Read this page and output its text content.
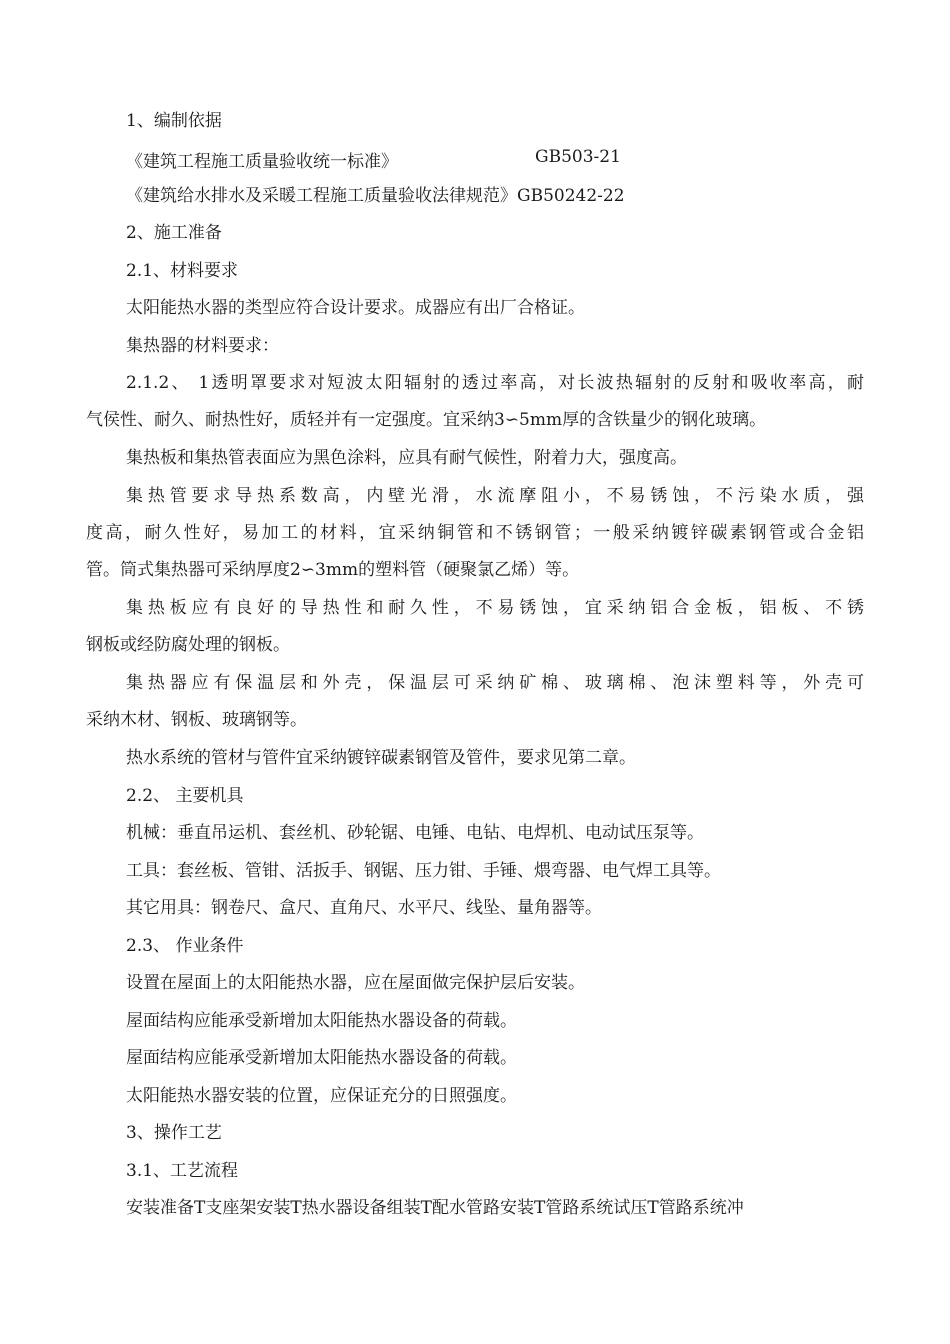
1、编制依据
《建筑工程施工质量验收统一标准》	GB503-21
《建筑给水排水及采暖工程施工质量验收法律规范》GB50242-22
2、施工准备
2.1、材料要求
太阳能热水器的类型应符合设计要求。成器应有出厂合格证。
集热器的材料要求：
2.1.2、 1透明罩要求对短波太阳辐射的透过率高，对长波热辐射的反射和吸收率高，耐
气侯性、耐久、耐热性好，质轻并有一定强度。宜采纳3∽5mm厚的含铁量少的钢化玻璃。
集热板和集热管表面应为黑色涂料，应具有耐气候性，附着力大，强度高。
集热管要求导热系数高，内壁光滑，水流摩阻小，不易锈蚀，不污染水质，强
度高，耐久性好，易加工的材料，宜采纳铜管和不锈钢管；一般采纳镀锌碳素钢管或合金铝
管。筒式集热器可采纳厚度2∽3mm的塑料管（硬聚氯乙烯）等。
集热板应有良好的导热性和耐久性，不易锈蚀，宜采纳铝合金板，铝板、不锈
钢板或经防腐处理的钢板。
集热器应有保温层和外壳，保温层可采纳矿棉、玻璃棉、泡沫塑料等，外壳可
采纳木材、钢板、玻璃钢等。
热水系统的管材与管件宜采纳镀锌碳素钢管及管件，要求见第二章。
2.2、 主要机具
机械：垂直吊运机、套丝机、砂轮锯、电锤、电钻、电焊机、电动试压泵等。
工具：套丝板、管钳、活扳手、钢锯、压力钳、手锤、煨弯器、电气焊工具等。
其它用具：钢卷尺、盒尺、直角尺、水平尺、线坠、量角器等。
2.3、 作业条件
设置在屋面上的太阳能热水器，应在屋面做完保护层后安装。
屋面结构应能承受新增加太阳能热水器设备的荷载。
屋面结构应能承受新增加太阳能热水器设备的荷载。
太阳能热水器安装的位置，应保证充分的日照强度。
3、操作工艺
3.1、工艺流程
安装准备T支座架安装T热水器设备组装T配水管路安装T管路系统试压T管路系统冲
